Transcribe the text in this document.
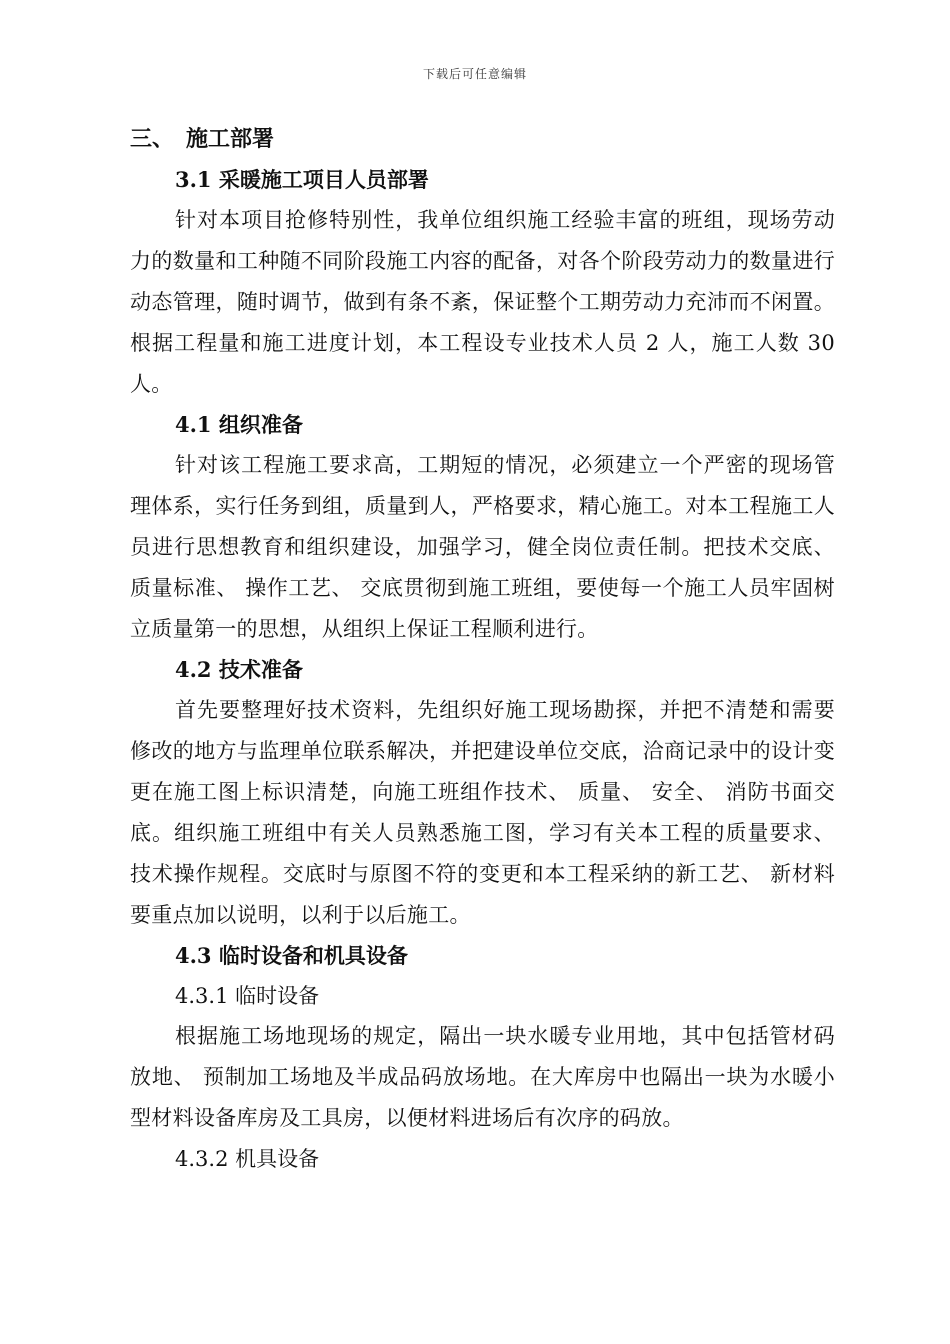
下载后可任意编辑
三、 施工部署
3.1 采暖施工项目人员部署

针对本项目抢修特别性，我单位组织施工经验丰富的班组，现场劳动力的数量和工种随不同阶段施工内容的配备，对各个阶段劳动力的数量进行动态管理，随时调节，做到有条不紊，保证整个工期劳动力充沛而不闲置。根据工程量和施工进度计划，本工程设专业技术人员 2 人，施工人数 30 人。

4.1 组织准备

针对该工程施工要求高，工期短的情况，必须建立一个严密的现场管理体系，实行任务到组，质量到人，严格要求，精心施工。对本工程施工人员进行思想教育和组织建设，加强学习，健全岗位责任制。把技术交底、 质量标准、 操作工艺、 交底贯彻到施工班组，要使每一个施工人员牢固树立质量第一的思想，从组织上保证工程顺利进行。

4.2 技术准备

首先要整理好技术资料，先组织好施工现场勘探，并把不清楚和需要修改的地方与监理单位联系解决，并把建设单位交底，洽商记录中的设计变更在施工图上标识清楚，向施工班组作技术、 质量、 安全、 消防书面交底。组织施工班组中有关人员熟悉施工图，学习有关本工程的质量要求、 技术操作规程。交底时与原图不符的变更和本工程采纳的新工艺、 新材料要重点加以说明，以利于以后施工。

4.3 临时设备和机具设备
4.3.1 临时设备

根据施工场地现场的规定，隔出一块水暖专业用地，其中包括管材码放地、 预制加工场地及半成品码放场地。在大库房中也隔出一块为水暖小型材料设备库房及工具房，以便材料进场后有次序的码放。

4.3.2 机具设备
